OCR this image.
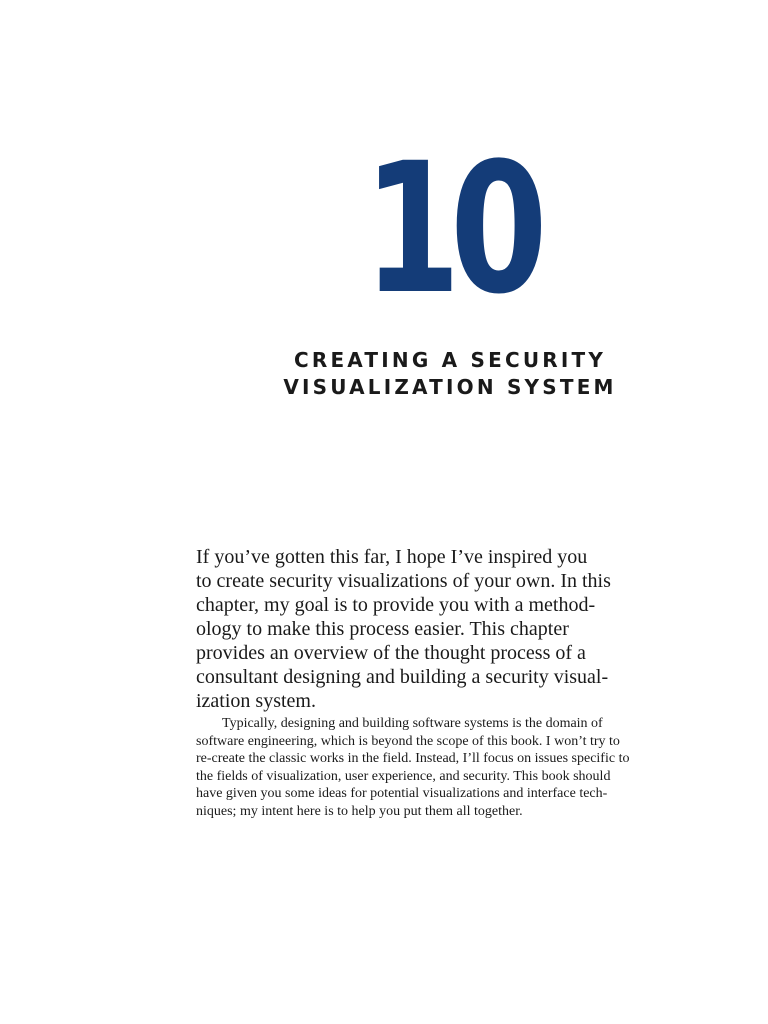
10
CREATING A SECURITY
VISUALIZATION SYSTEM

If you’ve gotten this far, I hope I’ve inspired you
to create security visualizations of your own. In this
chapter, my goal is to provide you with a method-
ology to make this process easier. This chapter
provides an overview of the thought process of a
consultant designing and building a security visual-
ization system.

Typically, designing and building software systems is the domain of
software engineering, which is beyond the scope of this book. I won’t try to
re-create the classic works in the field. Instead, I’ll focus on issues specific to
the fields of visualization, user experience, and security. This book should
have given you some ideas for potential visualizations and interface tech-
niques; my intent here is to help you put them all together.
